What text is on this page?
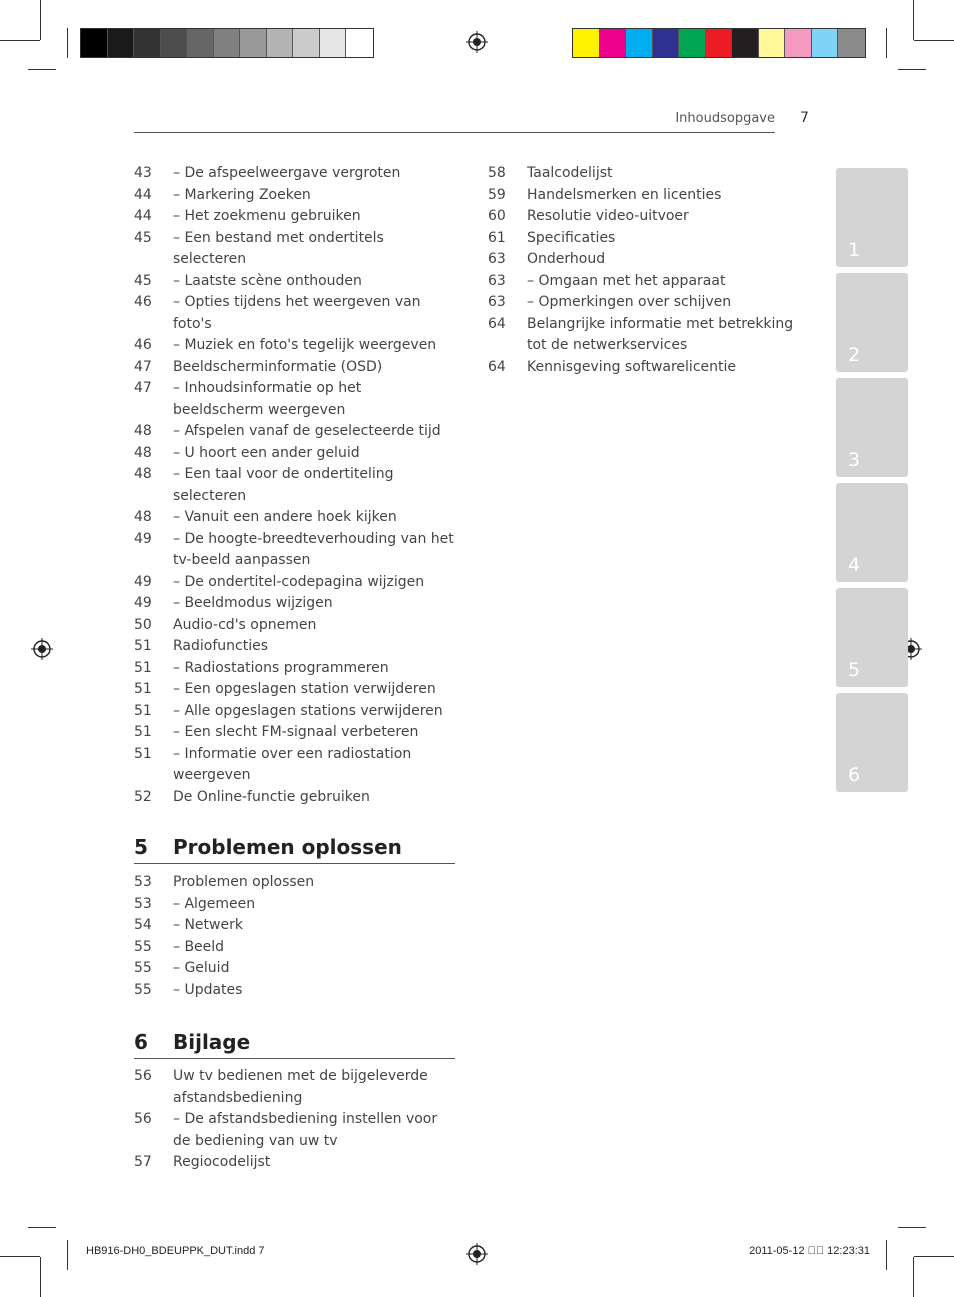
Inhoudsopgave 7
43	– De afspeelweergave vergroten
44	– Markering Zoeken
44	– Het zoekmenu gebruiken
45	– Een bestand met ondertitels selecteren
45	– Laatste scène onthouden
46	– Opties tijdens het weergeven van foto's
46	– Muziek en foto's tegelijk weergeven
47	Beeldscherminformatie (OSD)
47	– Inhoudsinformatie op het beeldscherm weergeven
48	– Afspelen vanaf de geselecteerde tijd
48	– U hoort een ander geluid
48	– Een taal voor de ondertiteling selecteren
48	– Vanuit een andere hoek kijken
49	– De hoogte-breedteverhouding van het tv-beeld aanpassen
49	– De ondertitel-codepagina wijzigen
49	– Beeldmodus wijzigen
50	Audio-cd's opnemen
51	Radiofuncties
51	– Radiostations programmeren
51	– Een opgeslagen station verwijderen
51	– Alle opgeslagen stations verwijderen
51	– Een slecht FM-signaal verbeteren
51	– Informatie over een radiostation weergeven
52	De Online-functie gebruiken
5 Problemen oplossen
53	Problemen oplossen
53	– Algemeen
54	– Netwerk
55	– Beeld
55	– Geluid
55	– Updates
6 Bijlage
56	Uw tv bedienen met de bijgeleverde afstandsbediening
56	– De afstandsbediening instellen voor de bediening van uw tv
57	Regiocodelijst
58	Taalcodelijst
59	Handelsmerken en licenties
60	Resolutie video-uitvoer
61	Specificaties
63	Onderhoud
63	– Omgaan met het apparaat
63	– Opmerkingen over schijven
64	Belangrijke informatie met betrekking tot de netwerkservices
64	Kennisgeving softwarelicentie
1
2
3
4
5
6
HB916-DH0_BDEUPPK_DUT.indd 7	2011-05-12 ￿￿ 12:23:31
